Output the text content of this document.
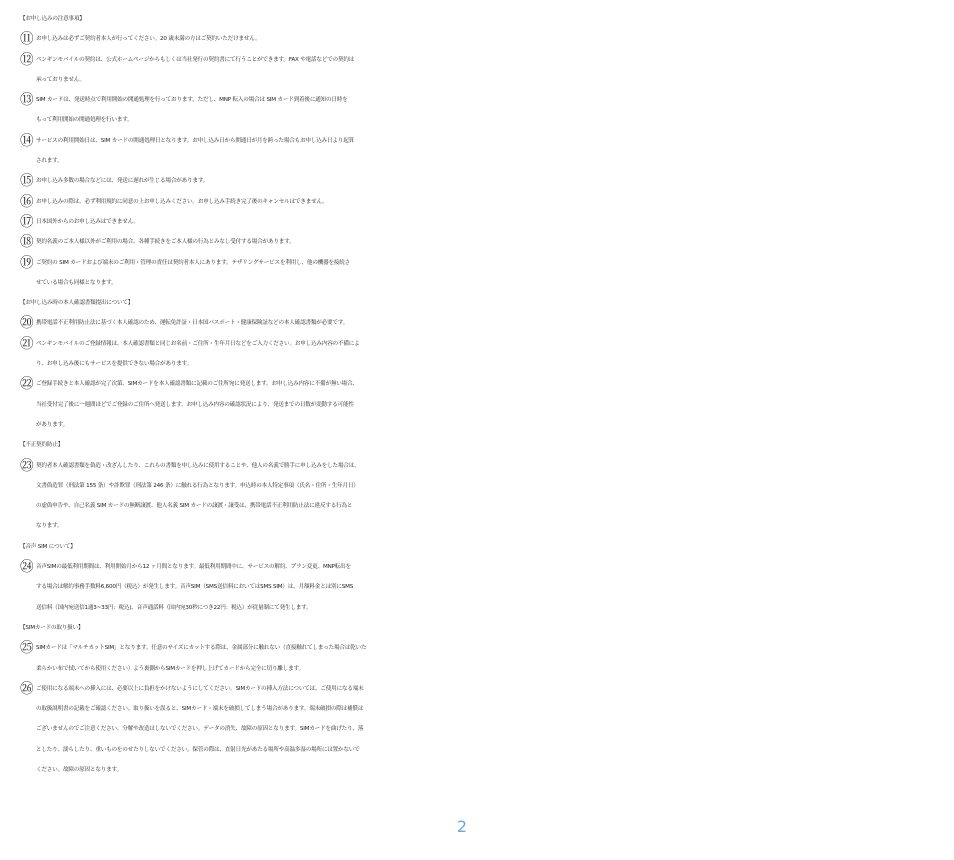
【お申し込みの注意事項】
⑪ お申し込みは必ずご契約者本人が行ってください。20 歳未満の方はご契約いただけません。
⑫ ペンギンモバイルの契約は、公式ホームページからもしくは当社発行の契約書にて行うことができます。FAX や電話などでの契約は
承っておりません。
⑬ SIM カードは、発送時点で利用開始の開通処理を行っております。ただし、MNP 転入の場合は SIM カード到着後に通知の日時を
もって利用開始の開通処理を行います。
⑭ サービスの利用開始日は、SIM カードの開通処理日となります。お申し込み日から開通日が月を跨った場合もお申し込み日より起算
されます。
⑮ お申し込み多数の場合などには、発送に遅れが生じる場合があります。
⑯ お申し込みの際は、必ず利用規約に同意の上お申し込みください。お申し込み手続き完了後のキャンセルはできません。
⑰ 日本国外からのお申し込みはできません。
⑱ 契約名義のご本人様以外がご利用の場合、各種手続きをご本人様の行為とみなし受付する場合があります。
⑲ ご契約の SIM カードおよび端末のご利用・管理の責任は契約者本人にあります。テザリングサービスを利用し、他の機器を接続さ
せている場合も同様となります。
【お申し込み時の本人確認書類提出について】
⑳ 携帯電話不正利用防止法に基づく本人確認のため、運転免許証・日本国パスポート・健康保険証などの本人確認書類が必要です。
㉑ ペンギンモバイルのご登録情報は、本人確認書類と同じお名前・ご住所・生年月日などをご入力ください。お申し込み内容の不備によ
り、お申し込み後にもサービスを提供できない場合があります。
㉒ ご登録手続きと本人確認が完了次第、SIMカードを本人確認書類に記載のご住所宛に発送します。お申し込み内容に不備が無い場合、
当社受付完了後に一週間ほどでご登録のご住所へ発送します。お申し込み内容の確認状況により、発送までの日数が変動する可能性
があります。
【不正契約防止】
㉓ 契約者本人確認書類を偽造・改ざんしたり、これらの書類を申し込みに使用することや、他人の名義で勝手に申し込みをした場合は、
文書偽造罪（刑法第 155 条）や詐欺罪（刑法第 246 条）に触れる行為となります。申込時の本人特定事項（氏名・住所・生年月日）
の虚偽申告や、自己名義 SIM カードの無断譲渡、他人名義 SIM カードの譲渡・譲受は、携帯電話不正利用防止法に違反する行為と
なります。
【音声 SIM について】
㉔ 音声SIMの最低利用期間は、利用開始月から12 ヶ月間となります。最低利用期間中に、サービスの解約、プラン変更、MNP転出を
する場合は解約事務手数料6,600円（税込）が発生します。音声SIM（SMS送信料においてはSMS SIM）は、月額料金とは別にSMS
送信料（国内宛送信1通3~33円：税込)、音声通話料（国内宛30秒につき22円：税込）が従量制にて発生します。
【SIMカードの取り扱い】
㉕ SIMカードは「マルチカットSIM」となります。任意のサイズにカットする際は、金属部分に触れない（直接触れてしまった場合は乾いた
柔らかい布で拭いてから使用ください）よう裏側からSIMカードを押し上げてカードから完全に切り離します。
㉖ ご使用になる端末への挿入には、必要以上に負担をかけないようにしてください。SIMカードの挿入方法については、ご使用になる端末
の取扱説明書の記載をご確認ください。取り扱いを誤ると、SIMカード・端末を破損してしまう場合があります。端末破損の際は補償は
ございませんのでご注意ください。分解や改造はしないでください。データの消失、故障の原因となります。SIMカードを曲げたり、落
としたり、濡らしたり、重いものをのせたりしないでください。保管の際は、直射日光があたる場所や高温多湿の場所には置かないで
ください。故障の原因となります。
2
